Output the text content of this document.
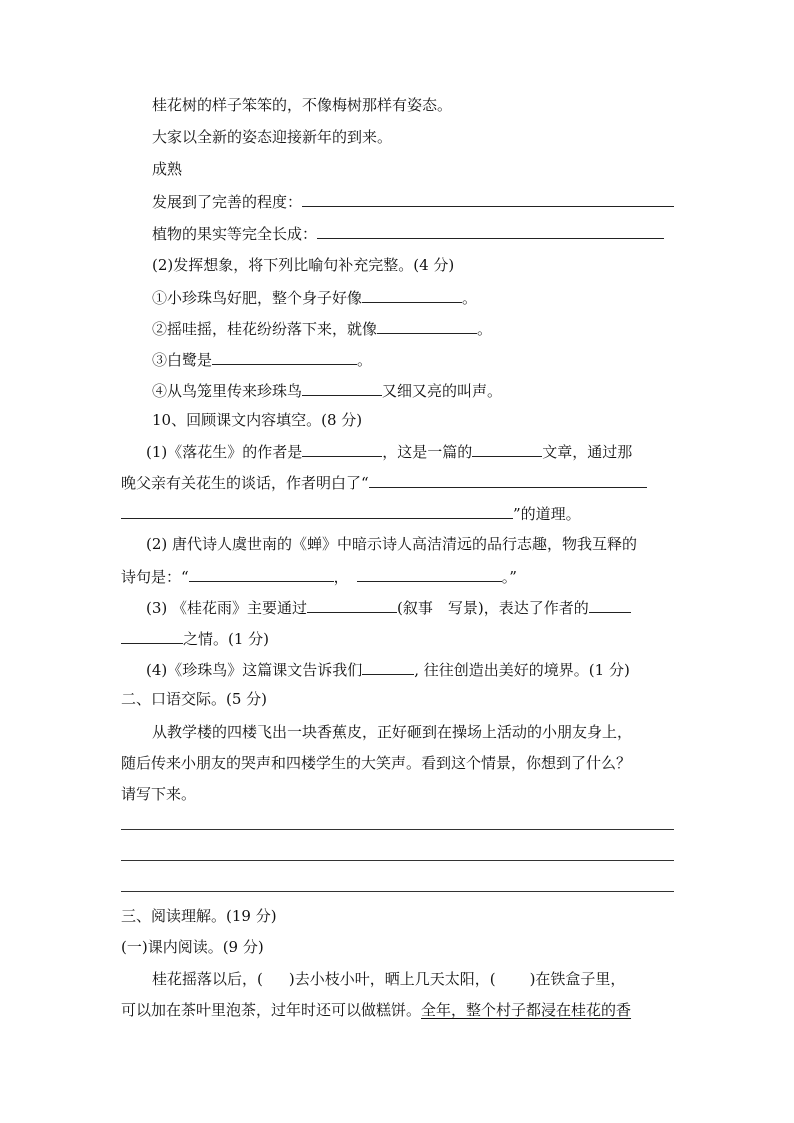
桂花树的样子笨笨的，不像梅树那样有姿态。
大家以全新的姿态迎接新年的到来。
成熟
发展到了完善的程度：
植物的果实等完全长成：
(2)发挥想象，将下列比喻句补充完整。(4 分)
①小珍珠鸟好肥，整个身子好像	。
②摇哇摇，桂花纷纷落下来，就像	。
③白鹭是	。
④从鸟笼里传来珍珠鸟	又细又亮的叫声。
10、回顾课文内容填空。(8 分)
(1)《落花生》的作者是	，这是一篇的	文章，通过那
晚父亲有关花生的谈话，作者明白了“
”的道理。
(2) 唐代诗人虞世南的《蝉》中暗示诗人高洁清远的品行志趣，物我互释的
诗句是：“	，	。”
(3) 《桂花雨》主要通过	(叙事　写景)，表达了作者的
之情。(1 分)
(4)《珍珠鸟》这篇课文告诉我们	, 往往创造出美好的境界。(1 分)
二、口语交际。(5 分)
从教学楼的四楼飞出一块香蕉皮，正好砸到在操场上活动的小朋友身上，
随后传来小朋友的哭声和四楼学生的大笑声。看到这个情景，你想到了什么？
请写下来。
三、阅读理解。(19 分)
(一)课内阅读。(9 分)
桂花摇落以后，( )去小枝小叶，晒上几天太阳，( )在铁盒子里，
可以加在茶叶里泡茶，过年时还可以做糕饼。全年，整个村子都浸在桂花的香
